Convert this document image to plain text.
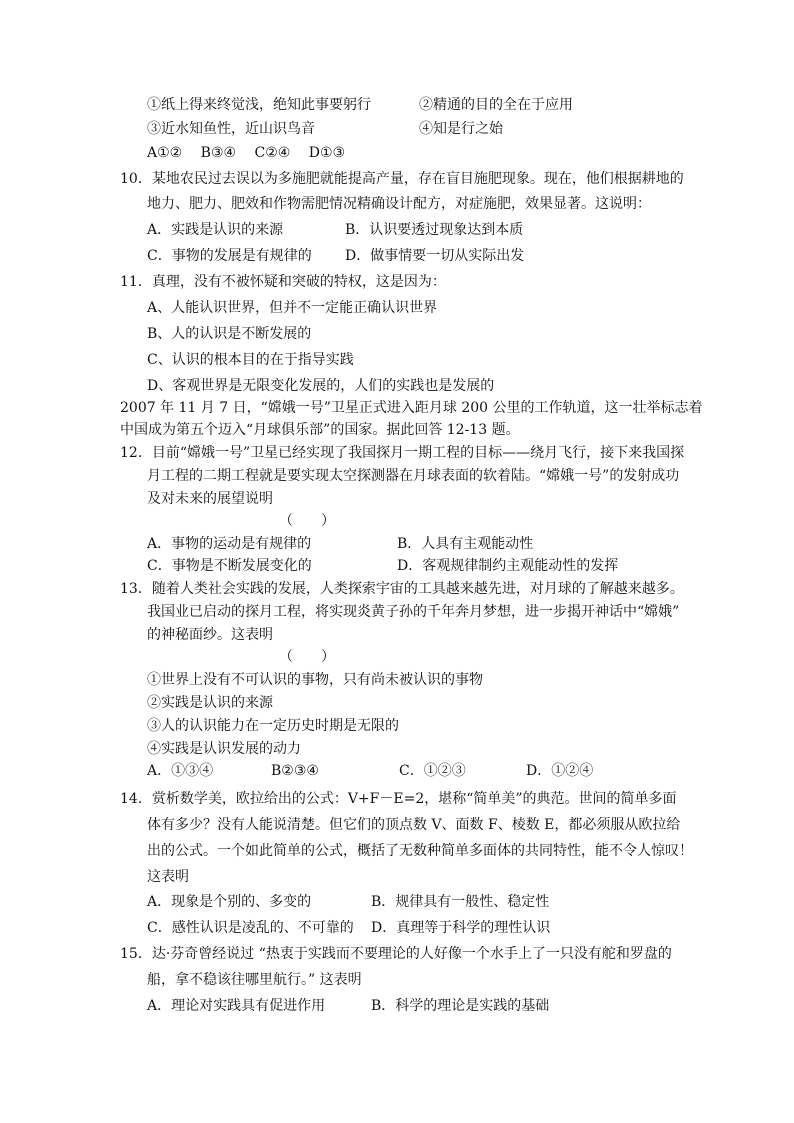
①纸上得来终觉浅，绝知此事要躬行	②精通的目的全在于应用
③近水知鱼性，近山识鸟音	④知是行之始
A①②　 B③④　 C②④　 D①③
10．某地农民过去误以为多施肥就能提高产量，存在盲目施肥现象。现在，他们根据耕地的
地力、肥力、肥效和作物需肥情况精确设计配方，对症施肥，效果显著。这说明：
A．实践是认识的来源	B．认识要透过现象达到本质
C．事物的发展是有规律的 D．做事情要一切从实际出发
11．真理，没有不被怀疑和突破的特权，这是因为：
A、人能认识世界，但并不一定能正确认识世界
B、人的认识是不断发展的
C、认识的根本目的在于指导实践
D、客观世界是无限变化发展的，人们的实践也是发展的
2007 年 11 月 7 日，“嫦娥一号”卫星正式进入距月球 200 公里的工作轨道，这一壮举标志着
中国成为第五个迈入“月球俱乐部”的国家。据此回答 12-13 题。
12．目前“嫦娥一号”卫星已经实现了我国探月一期工程的目标——绕月飞行，接下来我国探
月工程的二期工程就是要实现太空探测器在月球表面的软着陆。“嫦娥一号”的发射成功
及对未来的展望说明
（　　）
A．事物的运动是有规律的	B．人具有主观能动性
C．事物是不断发展变化的	D．客观规律制约主观能动性的发挥
13．随着人类社会实践的发展，人类探索宇宙的工具越来越先进，对月球的了解越来越多。
我国业已启动的探月工程，将实现炎黄子孙的千年奔月梦想，进一步揭开神话中“嫦娥”
的神秘面纱。这表明
（　　）
①世界上没有不可认识的事物，只有尚未被认识的事物
②实践是认识的来源
③人的认识能力在一定历史时期是无限的
④实践是认识发展的动力
A．①③④	B②③④	C．①②③	D．①②④
14．赏析数学美，欧拉给出的公式：V+F－E=2，堪称“简单美”的典范。世间的简单多面
体有多少？没有人能说清楚。但它们的顶点数 V、面数 F、棱数 E，都必须服从欧拉给
出的公式。一个如此简单的公式，概括了无数种简单多面体的共同特性，能不令人惊叹！
这表明
A．现象是个别的、多变的	B．规律具有一般性、稳定性
C．感性认识是凌乱的、不可靠的 D．真理等于科学的理性认识
15．达·芬奇曾经说过 “热衷于实践而不要理论的人好像一个水手上了一只没有舵和罗盘的
船，拿不稳该往哪里航行。” 这表明
A．理论对实践具有促进作用	B．科学的理论是实践的基础
